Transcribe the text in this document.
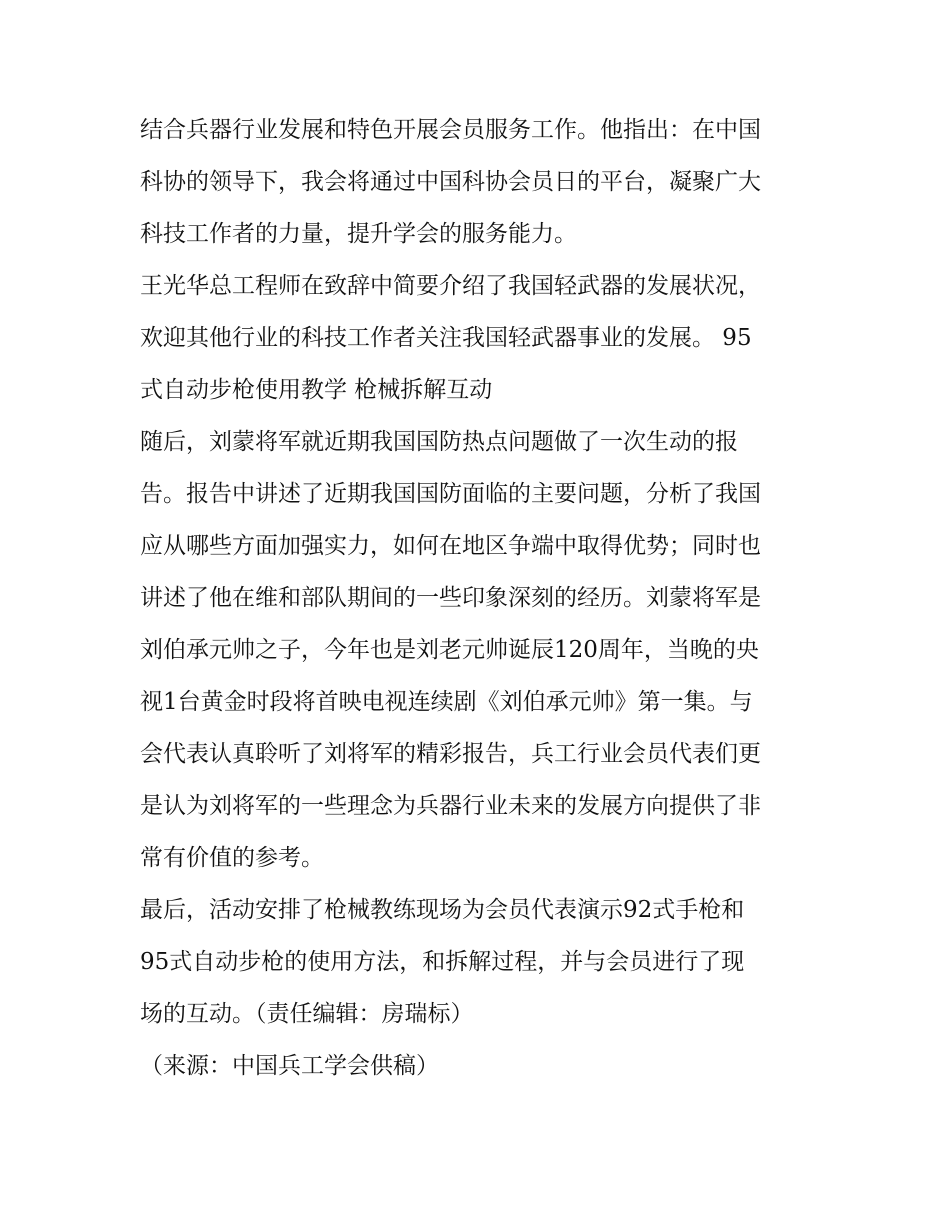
结合兵器行业发展和特色开展会员服务工作。他指出：在中国
科协的领导下，我会将通过中国科协会员日的平台，凝聚广大
科技工作者的力量，提升学会的服务能力。
王光华总工程师在致辞中简要介绍了我国轻武器的发展状况，
欢迎其他行业的科技工作者关注我国轻武器事业的发展。 95
式自动步枪使用教学 枪械拆解互动
随后，刘蒙将军就近期我国国防热点问题做了一次生动的报
告。报告中讲述了近期我国国防面临的主要问题，分析了我国
应从哪些方面加强实力，如何在地区争端中取得优势；同时也
讲述了他在维和部队期间的一些印象深刻的经历。刘蒙将军是
刘伯承元帅之子，今年也是刘老元帅诞辰120周年，当晚的央
视1台黄金时段将首映电视连续剧《刘伯承元帅》第一集。与
会代表认真聆听了刘将军的精彩报告，兵工行业会员代表们更
是认为刘将军的一些理念为兵器行业未来的发展方向提供了非
常有价值的参考。
最后，活动安排了枪械教练现场为会员代表演示92式手枪和
95式自动步枪的使用方法，和拆解过程，并与会员进行了现
场的互动。（责任编辑：房瑞标）
（来源：中国兵工学会供稿）
